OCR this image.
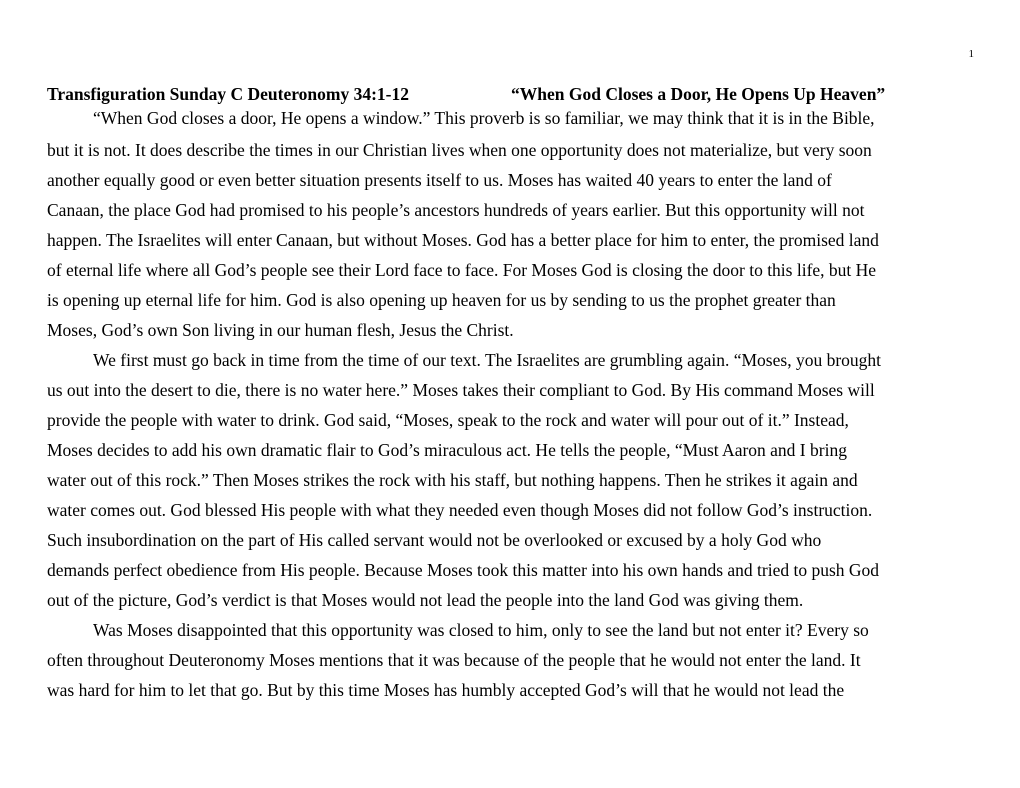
1
Transfiguration Sunday C Deuteronomy 34:1-12	“When God Closes a Door, He Opens Up Heaven”
“When God closes a door, He opens a window.” This proverb is so familiar, we may think that it is in the Bible,
but it is not. It does describe the times in our Christian lives when one opportunity does not materialize, but very soon
another equally good or even better situation presents itself to us. Moses has waited 40 years to enter the land of
Canaan, the place God had promised to his people’s ancestors hundreds of years earlier. But this opportunity will not
happen. The Israelites will enter Canaan, but without Moses. God has a better place for him to enter, the promised land
of eternal life where all God’s people see their Lord face to face. For Moses God is closing the door to this life, but He
is opening up eternal life for him. God is also opening up heaven for us by sending to us the prophet greater than
Moses, God’s own Son living in our human flesh, Jesus the Christ.
We first must go back in time from the time of our text. The Israelites are grumbling again. “Moses, you brought
us out into the desert to die, there is no water here.” Moses takes their compliant to God. By His command Moses will
provide the people with water to drink. God said, “Moses, speak to the rock and water will pour out of it.” Instead,
Moses decides to add his own dramatic flair to God’s miraculous act. He tells the people, “Must Aaron and I bring
water out of this rock.” Then Moses strikes the rock with his staff, but nothing happens. Then he strikes it again and
water comes out. God blessed His people with what they needed even though Moses did not follow God’s instruction.
Such insubordination on the part of His called servant would not be overlooked or excused by a holy God who
demands perfect obedience from His people. Because Moses took this matter into his own hands and tried to push God
out of the picture, God’s verdict is that Moses would not lead the people into the land God was giving them.
Was Moses disappointed that this opportunity was closed to him, only to see the land but not enter it? Every so
often throughout Deuteronomy Moses mentions that it was because of the people that he would not enter the land. It
was hard for him to let that go. But by this time Moses has humbly accepted God’s will that he would not lead the
